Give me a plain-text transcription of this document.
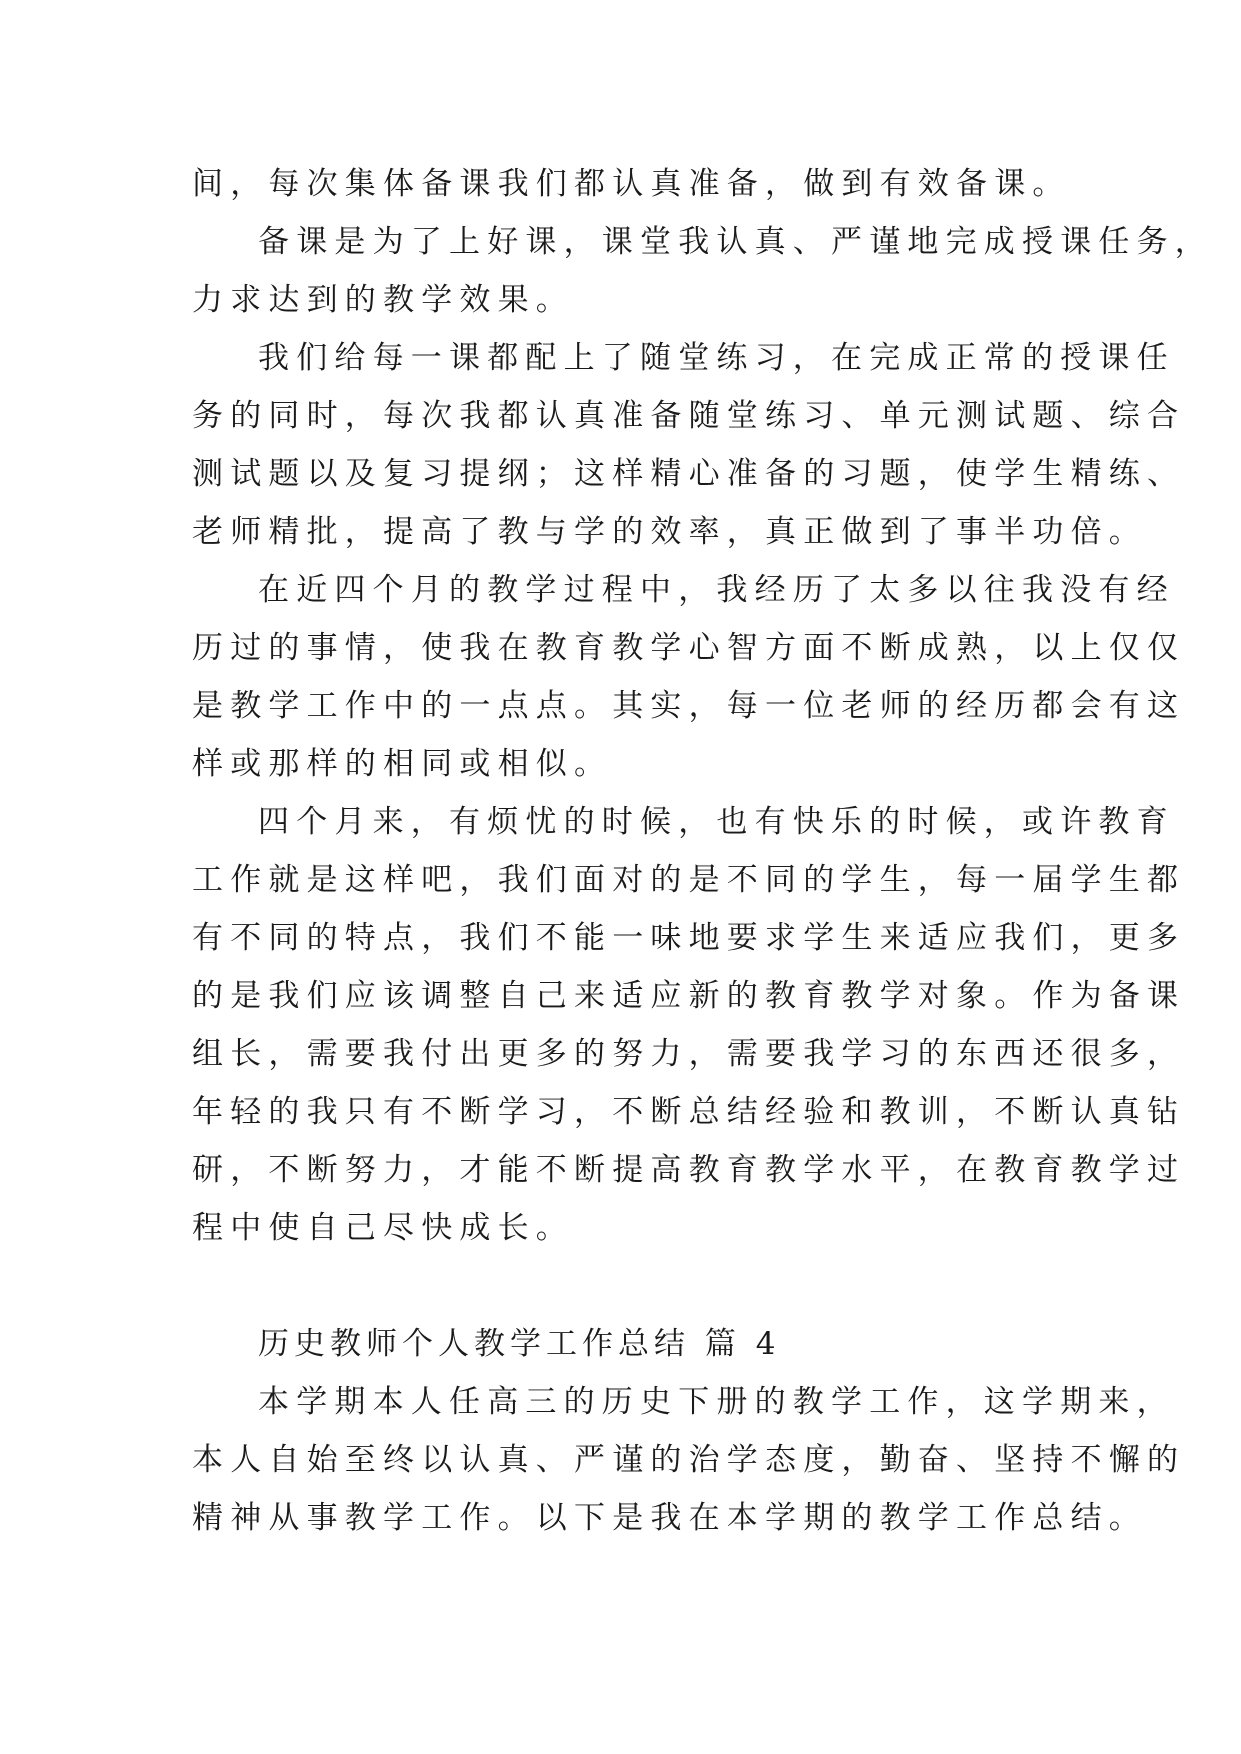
间，每次集体备课我们都认真准备，做到有效备课。
备课是为了上好课，课堂我认真、严谨地完成授课任务，
力求达到的教学效果。
我们给每一课都配上了随堂练习，在完成正常的授课任
务的同时，每次我都认真准备随堂练习、单元测试题、综合
测试题以及复习提纲；这样精心准备的习题，使学生精练、
老师精批，提高了教与学的效率，真正做到了事半功倍。
在近四个月的教学过程中，我经历了太多以往我没有经
历过的事情，使我在教育教学心智方面不断成熟，以上仅仅
是教学工作中的一点点。其实，每一位老师的经历都会有这
样或那样的相同或相似。
四个月来，有烦忧的时候，也有快乐的时候，或许教育
工作就是这样吧，我们面对的是不同的学生，每一届学生都
有不同的特点，我们不能一味地要求学生来适应我们，更多
的是我们应该调整自己来适应新的教育教学对象。作为备课
组长，需要我付出更多的努力，需要我学习的东西还很多，
年轻的我只有不断学习，不断总结经验和教训，不断认真钻
研，不断努力，才能不断提高教育教学水平，在教育教学过
程中使自己尽快成长。
历史教师个人教学工作总结 篇 4
本学期本人任高三的历史下册的教学工作，这学期来，
本人自始至终以认真、严谨的治学态度，勤奋、坚持不懈的
精神从事教学工作。以下是我在本学期的教学工作总结。
